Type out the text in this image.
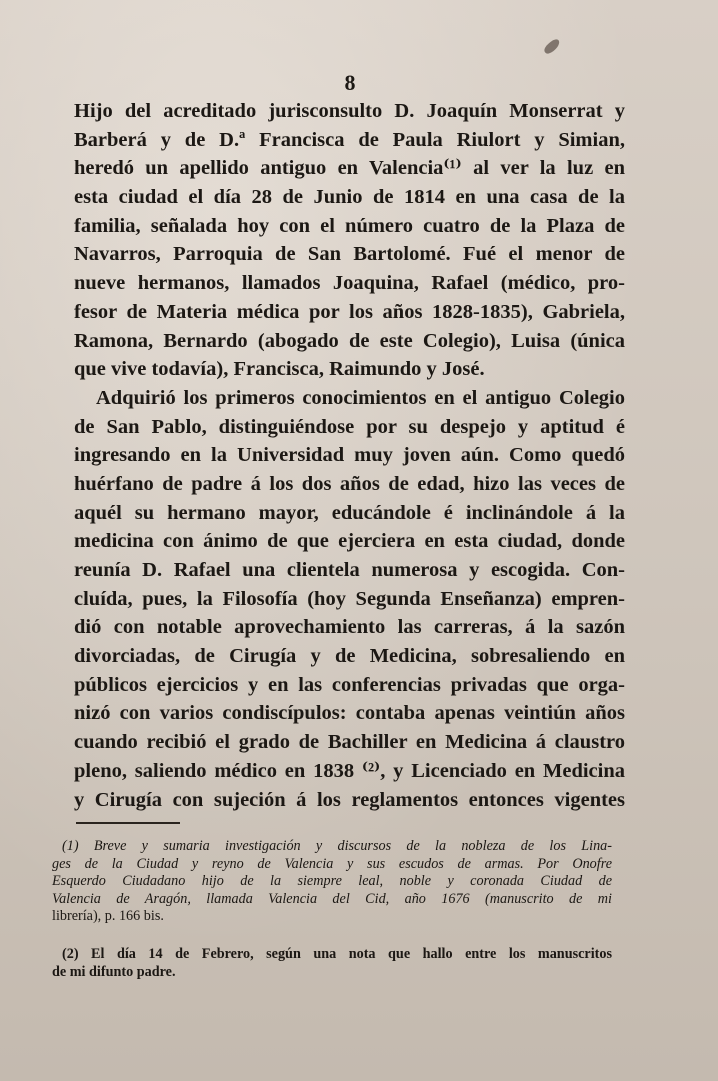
8
Hijo del acreditado jurisconsulto D. Joaquín Monserrat y
Barberá y de D.ª Francisca de Paula Riulort y Simian,
heredó un apellido antiguo en Valencia⁽¹⁾ al ver la luz en
esta ciudad el día 28 de Junio de 1814 en una casa de la
familia, señalada hoy con el número cuatro de la Plaza de
Navarros, Parroquia de San Bartolomé. Fué el menor de
nueve hermanos, llamados Joaquina, Rafael (médico, pro-
fesor de Materia médica por los años 1828-1835), Gabriela,
Ramona, Bernardo (abogado de este Colegio), Luisa (única
que vive todavía), Francisca, Raimundo y José.
Adquirió los primeros conocimientos en el antiguo Colegio
de San Pablo, distinguiéndose por su despejo y aptitud é
ingresando en la Universidad muy joven aún. Como quedó
huérfano de padre á los dos años de edad, hizo las veces de
aquél su hermano mayor, educándole é inclinándole á la
medicina con ánimo de que ejerciera en esta ciudad, donde
reunía D. Rafael una clientela numerosa y escogida. Con-
cluída, pues, la Filosofía (hoy Segunda Enseñanza) empren-
dió con notable aprovechamiento las carreras, á la sazón
divorciadas, de Cirugía y de Medicina, sobresaliendo en
públicos ejercicios y en las conferencias privadas que orga-
nizó con varios condiscípulos: contaba apenas veintiún años
cuando recibió el grado de Bachiller en Medicina á claustro
pleno, saliendo médico en 1838 ⁽²⁾, y Licenciado en Medicina
y Cirugía con sujeción á los reglamentos entonces vigentes
(1) Breve y sumaria investigación y discursos de la nobleza de los Lina-
ges de la Ciudad y reyno de Valencia y sus escudos de armas. Por Onofre
Esquerdo Ciudadano hijo de la siempre leal, noble y coronada Ciudad de
Valencia de Aragón, llamada Valencia del Cid, año 1676 (manuscrito de mi
librería), p. 166 bis.
(2) El día 14 de Febrero, según una nota que hallo entre los manuscritos
de mi difunto padre.
